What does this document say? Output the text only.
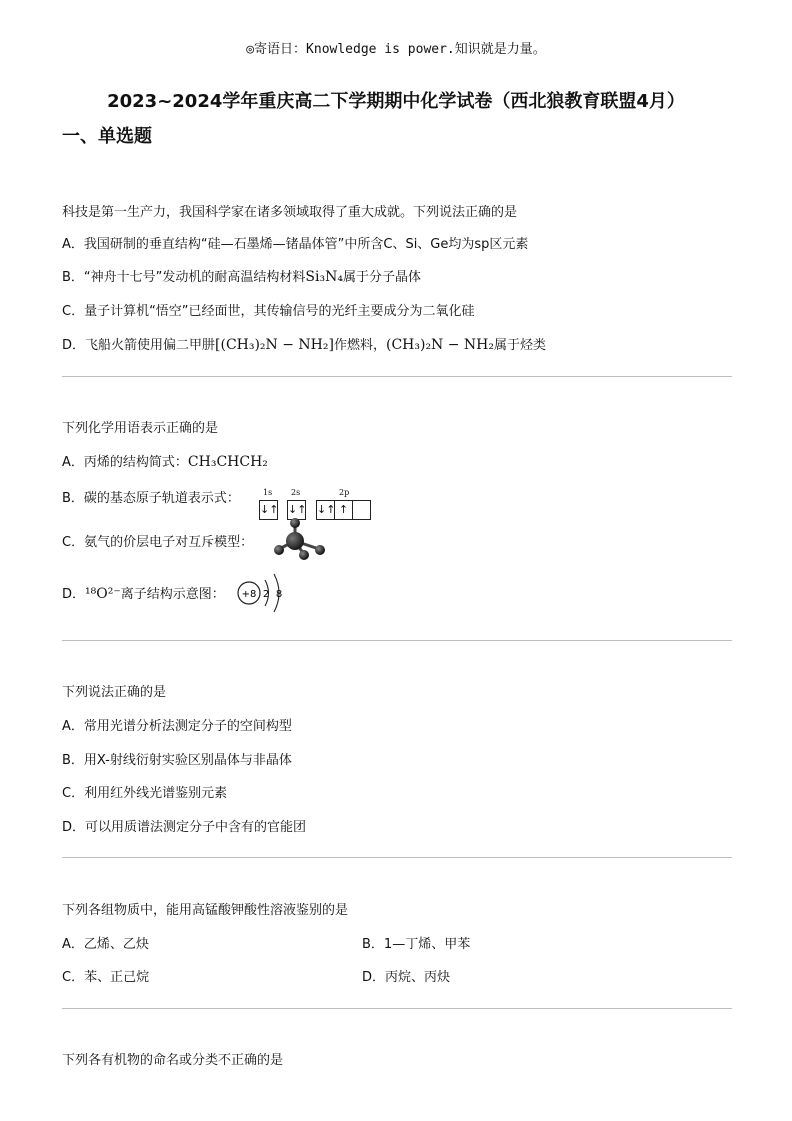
◎寄语日：Knowledge is power.知识就是力量。
2023~2024学年重庆高二下学期期中化学试卷（西北狼教育联盟4月）
一、单选题
科技是第一生产力，我国科学家在诸多领域取得了重大成就。下列说法正确的是
A．我国研制的垂直结构“硅—石墨烯—锗晶体管”中所含C、Si、Ge均为sp区元素
B．“神舟十七号”发动机的耐高温结构材料Si₃N₄属于分子晶体
C．量子计算机“悟空”已经面世，其传输信号的光纤主要成分为二氧化硅
D．飞船火箭使用偏二甲肼[(CH₃)₂N − NH₂]作燃料，(CH₃)₂N − NH₂属于烃类
下列化学用语表示正确的是
A．丙烯的结构简式：CH₃CHCH₂
B．碳的基态原子轨道表示式：	1s 2s	2p
↓↑ ↓↑ ↓↑ ↑
C．氨气的价层电子对互斥模型：
D．¹⁸O²⁻离子结构示意图： +8 2 8
下列说法正确的是
A．常用光谱分析法测定分子的空间构型
B．用X-射线衍射实验区别晶体与非晶体
C．利用红外线光谱鉴别元素
D．可以用质谱法测定分子中含有的官能团
下列各组物质中，能用高锰酸钾酸性溶液鉴别的是
A．乙烯、乙炔	B．1—丁烯、甲苯
C．苯、正己烷	D．丙烷、丙炔
下列各有机物的命名或分类不正确的是
